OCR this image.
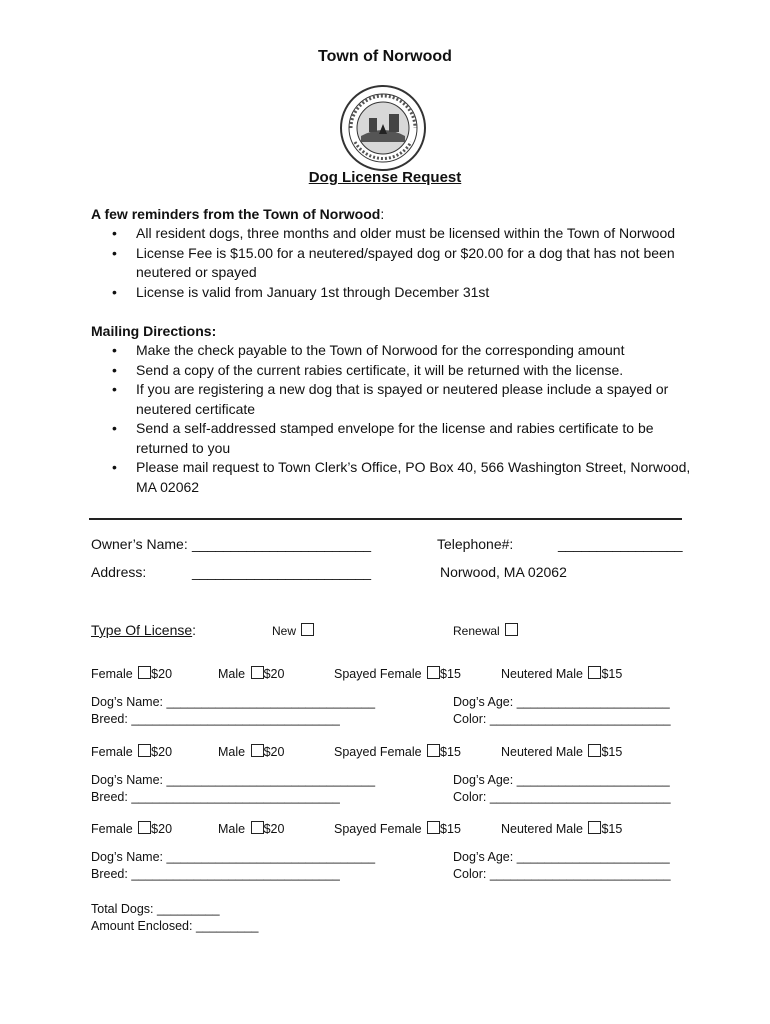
Town of Norwood
Dog License Request
A few reminders from the Town of Norwood:
• All resident dogs, three months and older must be licensed within the Town of Norwood
• License Fee is $15.00 for a neutered/spayed dog or $20.00 for a dog that has not been neutered or spayed
• License is valid from January 1st through December 31st
Mailing Directions:
• Make the check payable to the Town of Norwood for the corresponding amount
• Send a copy of the current rabies certificate, it will be returned with the license.
• If you are registering a new dog that is spayed or neutered please include a spayed or neutered certificate
• Send a self-addressed stamped envelope for the license and rabies certificate to be returned to you
• Please mail request to Town Clerk’s Office, PO Box 40, 566 Washington Street, Norwood, MA 02062
Owner’s Name: _______________________	Telephone#:	________________
Address:	_______________________	Norwood, MA 02062
Type Of License:	New	Renewal
Female $20	Male $20	Spayed Female $15	Neutered Male $15
Dog’s Name: ______________________________	Dog’s Age: ______________________
Breed: ______________________________	Color: __________________________
Female $20	Male $20	Spayed Female $15	Neutered Male $15
Dog’s Name: ______________________________	Dog’s Age: ______________________
Breed: ______________________________	Color: __________________________
Female $20	Male $20	Spayed Female $15	Neutered Male $15
Dog’s Name: ______________________________	Dog’s Age: ______________________
Breed: ______________________________	Color: __________________________
Total Dogs: _________
Amount Enclosed: _________
